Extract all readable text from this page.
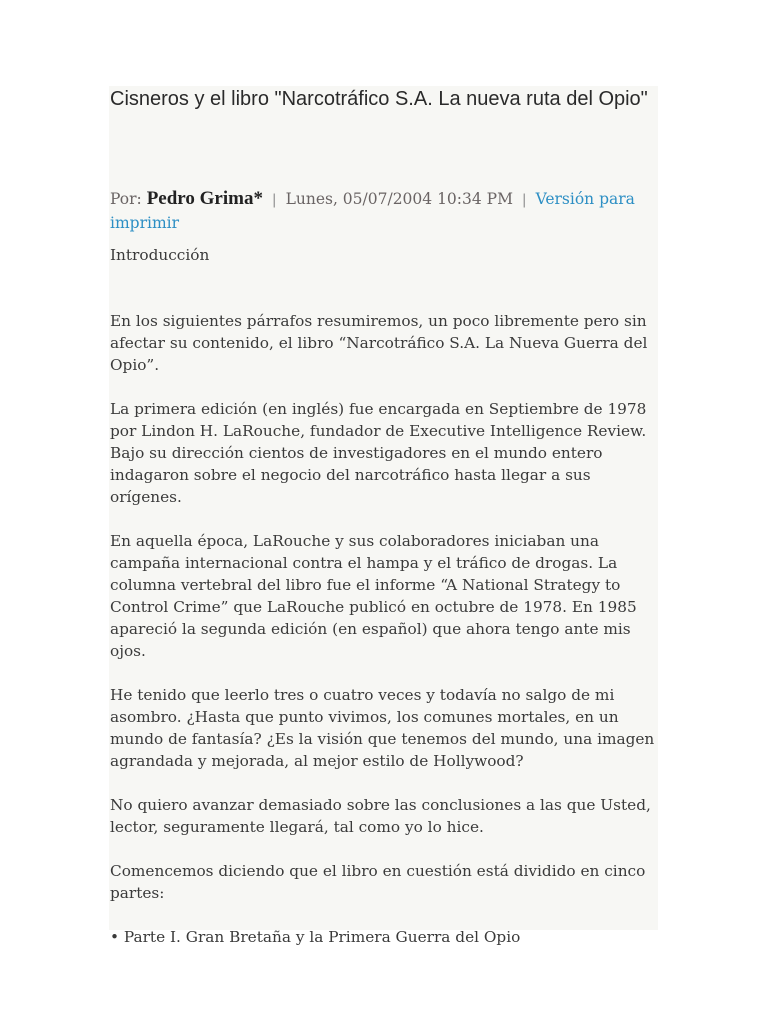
Cisneros y el libro "Narcotráfico S.A. La nueva ruta del Opio"
Por: Pedro Grima* | Lunes, 05/07/2004 10:34 PM | Versión para imprimir

Introducción

En los siguientes párrafos resumiremos, un poco libremente pero sin afectar su contenido, el libro “Narcotráfico S.A. La Nueva Guerra del Opio”.

La primera edición (en inglés) fue encargada en Septiembre de 1978 por Lindon H. LaRouche, fundador de Executive Intelligence Review. Bajo su dirección cientos de investigadores en el mundo entero indagaron sobre el negocio del narcotráfico hasta llegar a sus orígenes.

En aquella época, LaRouche y sus colaboradores iniciaban una campaña internacional contra el hampa y el tráfico de drogas. La columna vertebral del libro fue el informe “A National Strategy to Control Crime” que LaRouche publicó en octubre de 1978. En 1985 apareció la segunda edición (en español) que ahora tengo ante mis ojos.

He tenido que leerlo tres o cuatro veces y todavía no salgo de mi asombro. ¿Hasta que punto vivimos, los comunes mortales, en un mundo de fantasía? ¿Es la visión que tenemos del mundo, una imagen agrandada y mejorada, al mejor estilo de Hollywood?

No quiero avanzar demasiado sobre las conclusiones a las que Usted, lector, seguramente llegará, tal como yo lo hice.

Comencemos diciendo que el libro en cuestión está dividido en cinco partes:

• Parte I. Gran Bretaña y la Primera Guerra del Opio
